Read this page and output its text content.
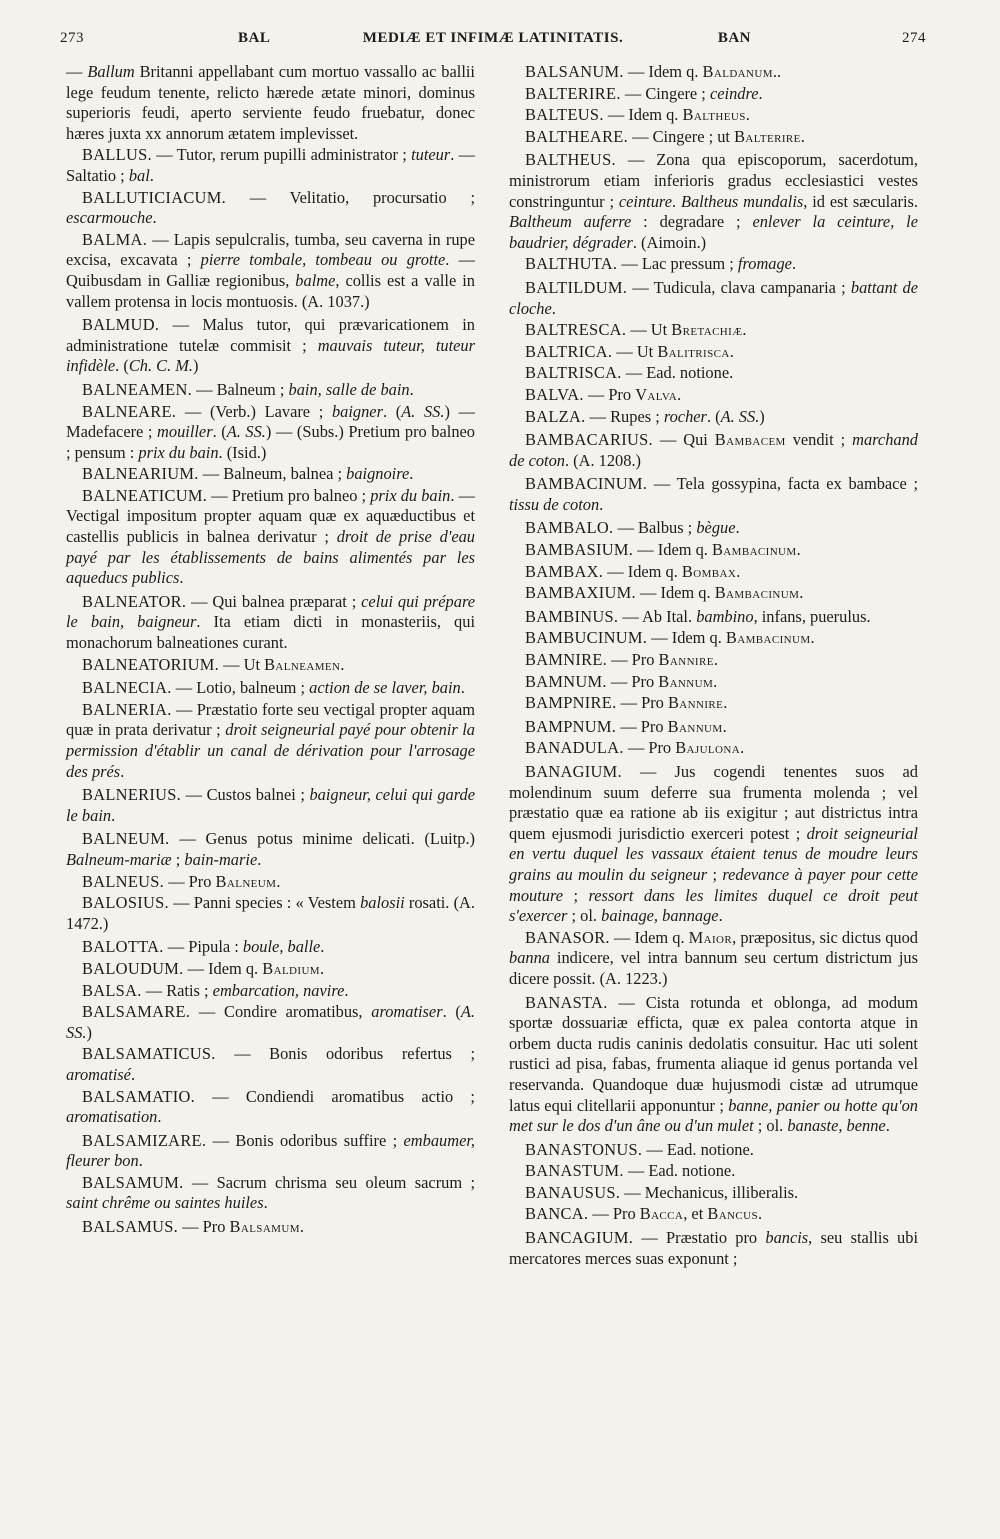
273	BAL	MEDIÆ ET INFIMÆ LATINITATIS.	BAN	274

— Ballum Britanni appellabant cum mortuo vassallo ac ballii lege feudum tenente, relicto hærede ætate minori, dominus superioris feudi, aperto serviente feudo fruebatur, donec hæres juxta xx annorum ætatem implevisset.

BALLUS. — Tutor, rerum pupilli administrator ; tuteur. — Saltatio ; bal.

BALLUTICIACUM. — Velitatio, procursatio ; escarmouche.

BALMA. — Lapis sepulcralis, tumba, seu caverna in rupe excisa, excavata ; pierre tombale, tombeau ou grotte. — Quibusdam in Galliæ regionibus, balme, collis est a valle in vallem protensa in locis montuosis. (A. 1037.)

BALMUD. — Malus tutor, qui prævaricationem in administratione tutelæ commisit ; mauvais tuteur, tuteur infidèle. (Ch. C. M.)

BALNEAMEN. — Balneum ; bain, salle de bain.

BALNEARE. — (Verb.) Lavare ; baigner. (A. SS.) — Madefacere ; mouiller. (A. SS.) — (Subs.) Pretium pro balneo ; pensum : prix du bain. (Isid.)

BALNEARIUM. — Balneum, balnea ; baignoire.

BALNEATICUM. — Pretium pro balneo ; prix du bain. — Vectigal impositum propter aquam quæ ex aquæductibus et castellis publicis in balnea derivatur ; droit de prise d'eau payé par les établissements de bains alimentés par les aqueducs publics.

BALNEATOR. — Qui balnea præparat ; celui qui prépare le bain, baigneur. Ita etiam dicti in monasteriis, qui monachorum balneationes curant.

BALNEATORIUM. — Ut Balneamen.

BALNECIA. — Lotio, balneum ; action de se laver, bain.

BALNERIA. — Præstatio forte seu vectigal propter aquam quæ in prata derivatur ; droit seigneurial payé pour obtenir la permission d'établir un canal de dérivation pour l'arrosage des prés.

BALNERIUS. — Custos balnei ; baigneur, celui qui garde le bain.

BALNEUM. — Genus potus minime delicati. (Luitp.) Balneum-mariæ ; bain-marie.

BALNEUS. — Pro Balneum.

BALOSIUS. — Panni species : « Vestem balosii rosati. (A. 1472.)

BALOTTA. — Pipula : boule, balle.

BALOUDUM. — Idem q. Baldium.

BALSA. — Ratis ; embarcation, navire.

BALSAMARE. — Condire aromatibus, aromatiser. (A. SS.)

BALSAMATICUS. — Bonis odoribus refertus ; aromatisé.

BALSAMATIO. — Condiendi aromatibus actio ; aromatisation.

BALSAMIZARE. — Bonis odoribus suffire ; embaumer, fleurer bon.

BALSAMUM. — Sacrum chrisma seu oleum sacrum ; saint chrême ou saintes huiles.

BALSAMUS. — Pro Balsamum.

BALSANUM. — Idem q. Baldanum..

BALTERIRE. — Cingere ; ceindre.

BALTEUS. — Idem q. Baltheus.

BALTHEARE. — Cingere ; ut Balterire.

BALTHEUS. — Zona qua episcoporum, sacerdotum, ministrorum etiam inferioris gradus ecclesiastici vestes constringuntur ; ceinture. Baltheus mundalis, id est sæcularis. Baltheum auferre : degradare ; enlever la ceinture, le baudrier, dégrader. (Aimoin.)

BALTHUTA. — Lac pressum ; fromage.

BALTILDUM. — Tudicula, clava campanaria ; battant de cloche.

BALTRESCA. — Ut Bretachiæ.

BALTRICA. — Ut Balitrisca.

BALTRISCA. — Ead. notione.

BALVA. — Pro Valva.

BALZA. — Rupes ; rocher. (A. SS.)

BAMBACARIUS. — Qui Bambacem vendit ; marchand de coton. (A. 1208.)

BAMBACINUM. — Tela gossypina, facta ex bambace ; tissu de coton.

BAMBALO. — Balbus ; bègue.

BAMBASIUM. — Idem q. Bambacinum.

BAMBAX. — Idem q. Bombax.

BAMBAXIUM. — Idem q. Bambacinum.

BAMBINUS. — Ab Ital. bambino, infans, puerulus.

BAMBUCINUM. — Idem q. Bambacinum.

BAMNIRE. — Pro Bannire.

BAMNUM. — Pro Bannum.

BAMPNIRE. — Pro Bannire.

BAMPNUM. — Pro Bannum.

BANADULA. — Pro Bajulona.

BANAGIUM. — Jus cogendi tenentes suos ad molendinum suum deferre sua frumenta molenda ; vel præstatio quæ ea ratione ab iis exigitur ; aut districtus intra quem ejusmodi jurisdictio exerceri potest ; droit seigneurial en vertu duquel les vassaux étaient tenus de moudre leurs grains au moulin du seigneur ; redevance à payer pour cette mouture ; ressort dans les limites duquel ce droit peut s'exercer ; ol. bainage, bannage.

BANASOR. — Idem q. Maior, præpositus, sic dictus quod banna indicere, vel intra bannum seu certum districtum jus dicere possit. (A. 1223.)

BANASTA. — Cista rotunda et oblonga, ad modum sportæ dossuariæ efficta, quæ ex palea contorta atque in orbem ducta rudis caninis dedolatis consuitur. Hac uti solent rustici ad pisa, fabas, frumenta aliaque id genus portanda vel reservanda. Quandoque duæ hujusmodi cistæ ad utrumque latus equi clitellarii apponuntur ; banne, panier ou hotte qu'on met sur le dos d'un âne ou d'un mulet ; ol. banaste, benne.

BANASTONUS. — Ead. notione.

BANASTUM. — Ead. notione.

BANAUSUS. — Mechanicus, illiberalis.

BANCA. — Pro Bacca, et Bancus.

BANCAGIUM. — Præstatio pro bancis, seu stallis ubi mercatores merces suas exponunt ;
